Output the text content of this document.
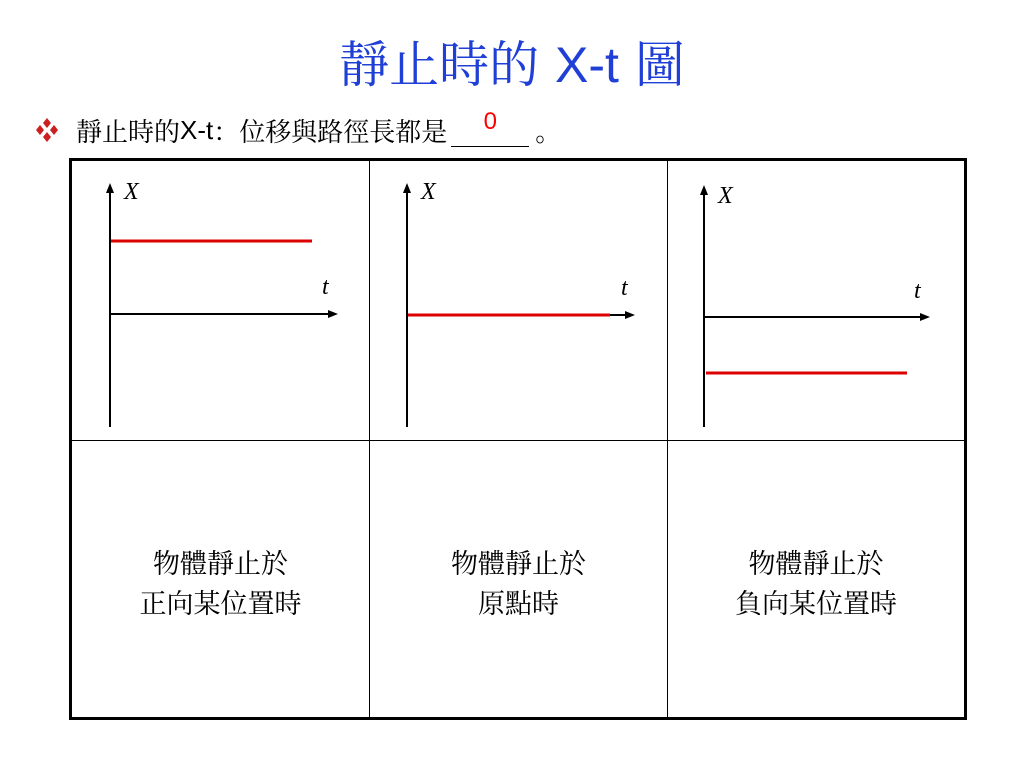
靜止時的 X-t 圖
靜止時的 X-t ：位移與路徑長都是	0	。
X
t
X
t
X
t
物體靜止於
正向某位置時
物體靜止於
原點時
物體靜止於
負向某位置時
